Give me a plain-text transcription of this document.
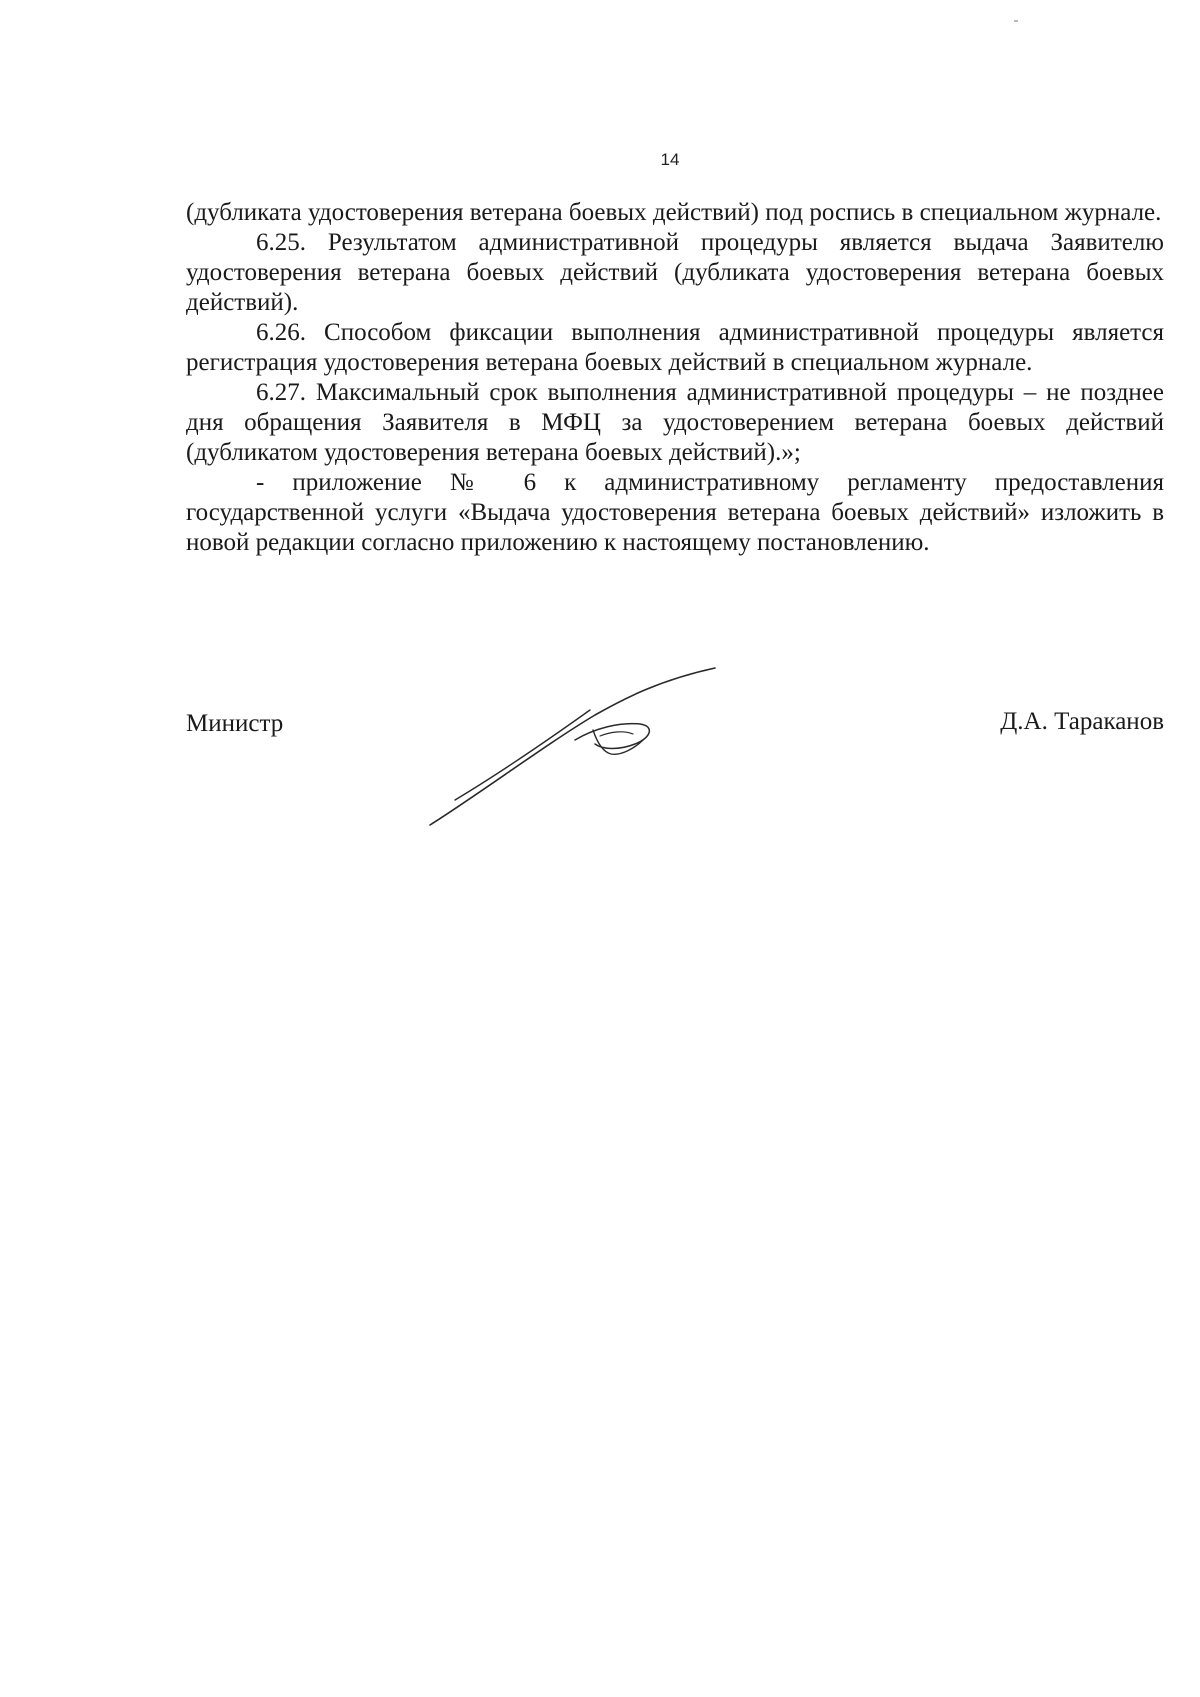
14

(дубликата удостоверения ветерана боевых действий) под роспись в специальном журнале.

6.25. Результатом административной процедуры является выдача Заявителю удостоверения ветерана боевых действий (дубликата удостоверения ветерана боевых действий).

6.26. Способом фиксации выполнения административной процедуры является регистрация удостоверения ветерана боевых действий в специальном журнале.

6.27. Максимальный срок выполнения административной процедуры – не позднее дня обращения Заявителя в МФЦ за удостоверением ветерана боевых действий (дубликатом удостоверения ветерана боевых действий).»;

- приложение № 6 к административному регламенту предоставления государственной услуги «Выдача удостоверения ветерана боевых действий» изложить в новой редакции согласно приложению к настоящему постановлению.

Министр	Д.А. Тараканов
